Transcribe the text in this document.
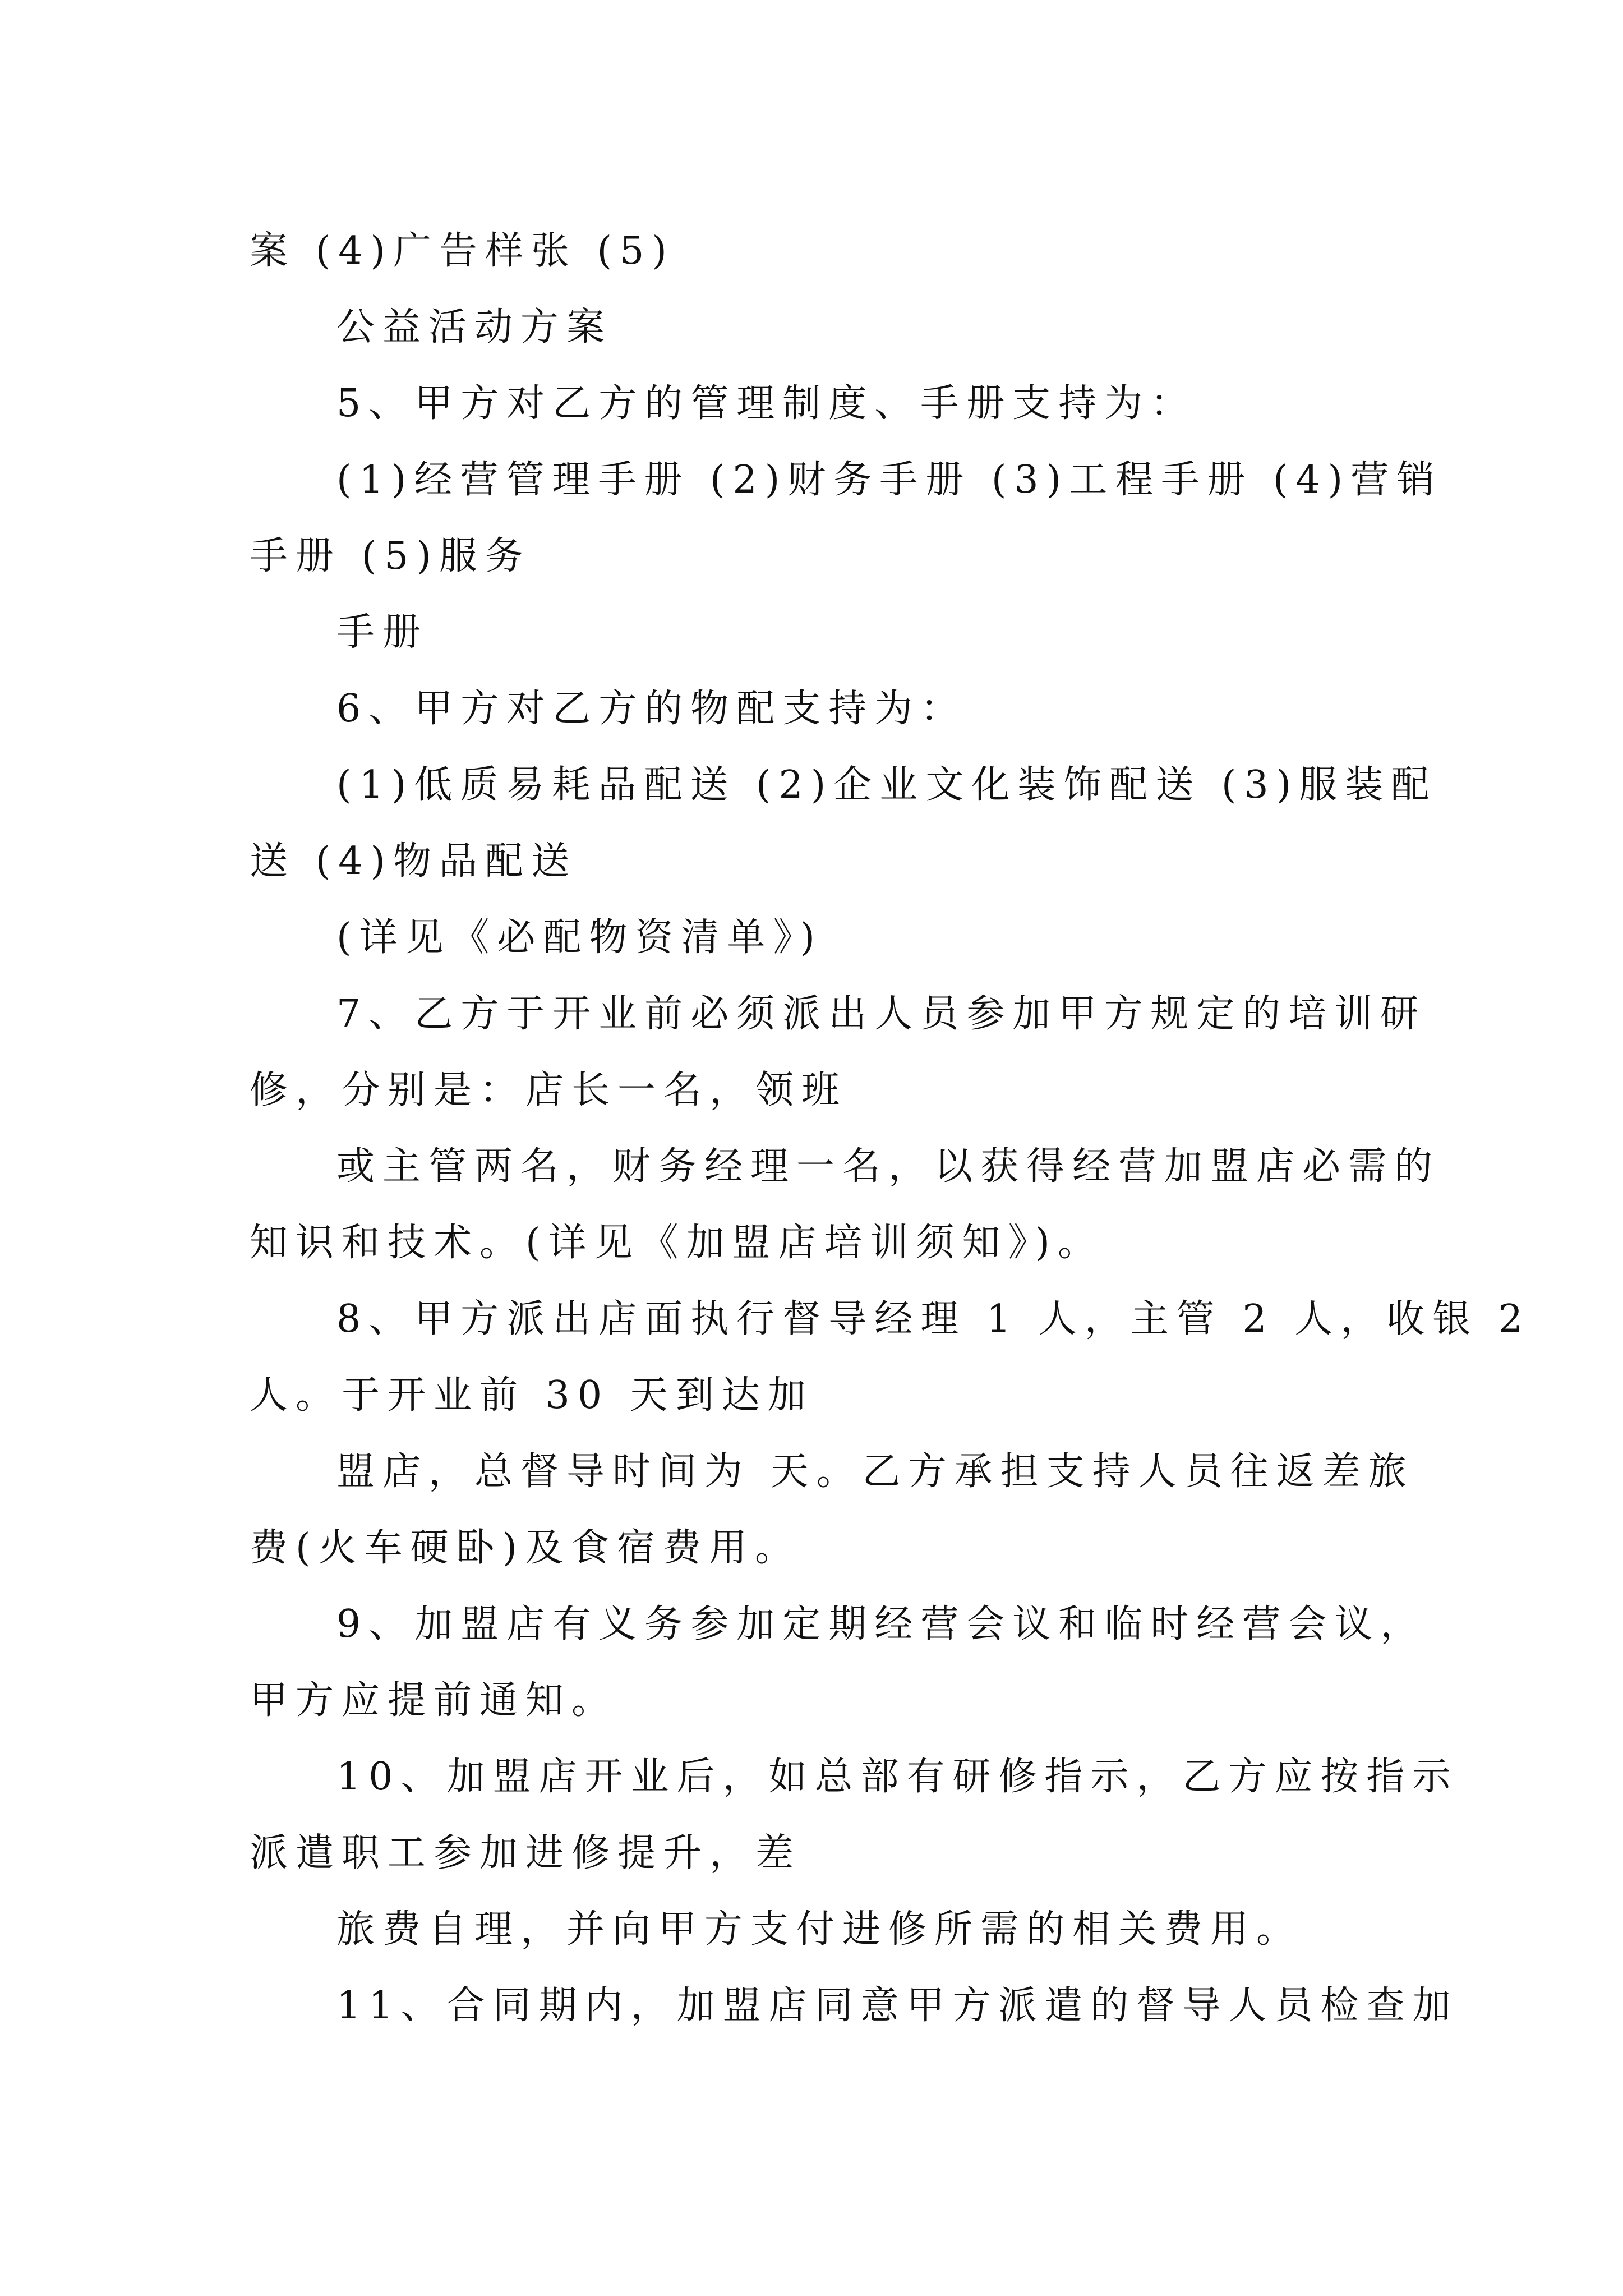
案 (4)广告样张 (5)
公益活动方案
5、甲方对乙方的管理制度、手册支持为：
(1)经营管理手册 (2)财务手册 (3)工程手册 (4)营销
手册 (5)服务
手册
6、甲方对乙方的物配支持为：
(1)低质易耗品配送 (2)企业文化装饰配送 (3)服装配
送 (4)物品配送
(详见《必配物资清单》)
7、乙方于开业前必须派出人员参加甲方规定的培训研
修，分别是：店长一名，领班
或主管两名，财务经理一名，以获得经营加盟店必需的
知识和技术。(详见《加盟店培训须知》)。
8、甲方派出店面执行督导经理 1 人，主管 2 人，收银 2
人。于开业前 30 天到达加
盟店，总督导时间为 天。乙方承担支持人员往返差旅
费(火车硬卧)及食宿费用。
9、加盟店有义务参加定期经营会议和临时经营会议，
甲方应提前通知。
10、加盟店开业后，如总部有研修指示，乙方应按指示
派遣职工参加进修提升，差
旅费自理，并向甲方支付进修所需的相关费用。
11、合同期内，加盟店同意甲方派遣的督导人员检查加
